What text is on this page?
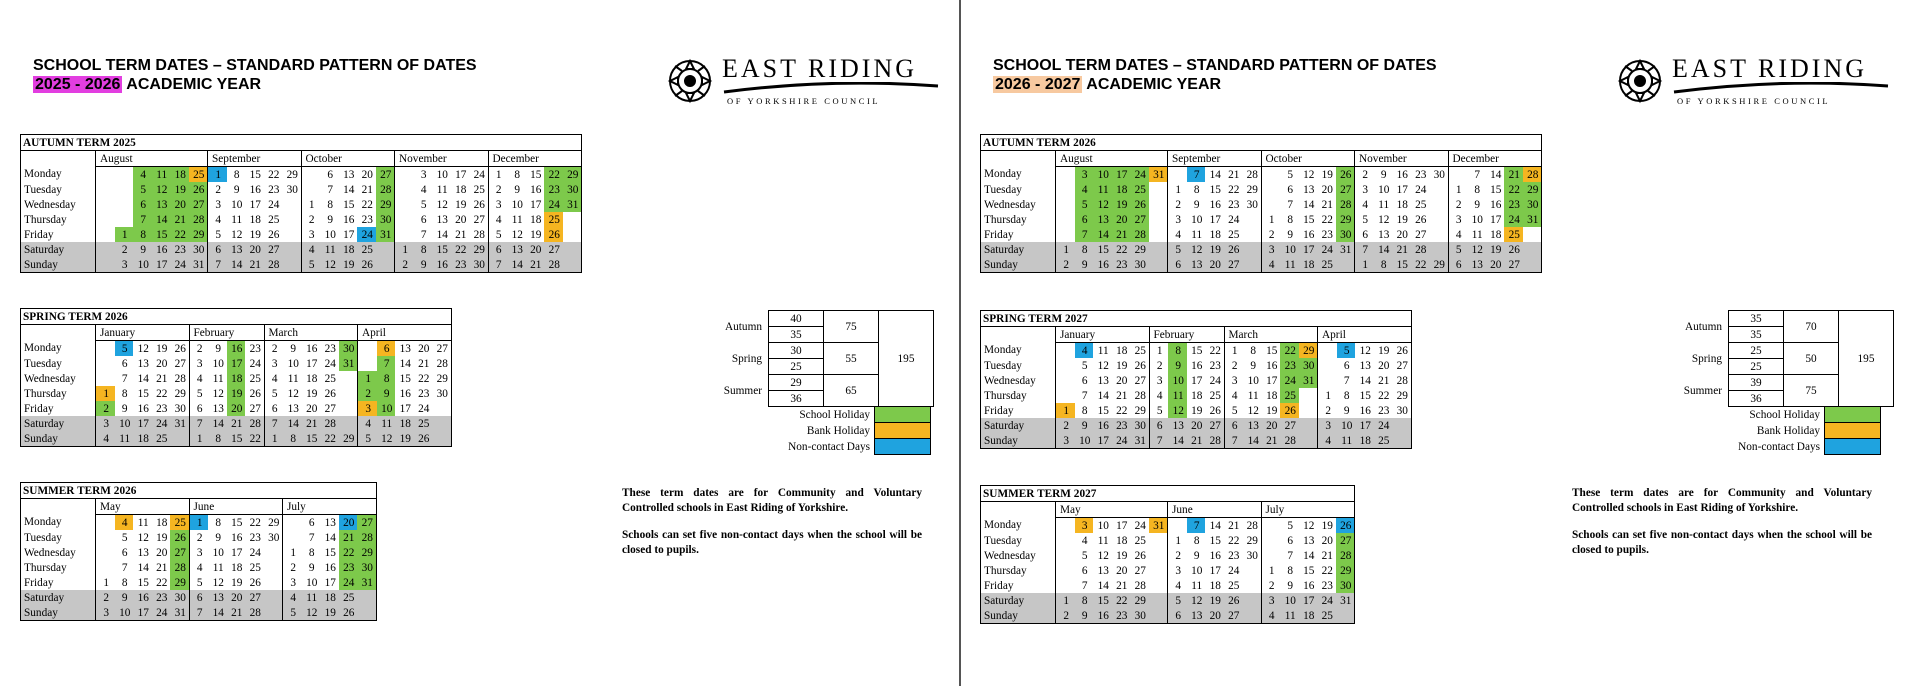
SCHOOL TERM DATES – STANDARD PATTERN OF DATES
2025 - 2026 ACADEMIC YEAR
EAST RIDING
OF YORKSHIRE COUNCIL
AUTUMN TERM 2025																										
	August						September					October					November					December				
Monday			4	11	18	25	1	8	15	22	29		6	13	20	27		3	10	17	24	1	8	15	22	29
Tuesday			5	12	19	26	2	9	16	23	30		7	14	21	28		4	11	18	25	2	9	16	23	30
Wednesday			6	13	20	27	3	10	17	24		1	8	15	22	29		5	12	19	26	3	10	17	24	31
Thursday			7	14	21	28	4	11	18	25		2	9	16	23	30		6	13	20	27	4	11	18	25	
Friday		1	8	15	22	29	5	12	19	26		3	10	17	24	31		7	14	21	28	5	12	19	26	
Saturday		2	9	16	23	30	6	13	20	27		4	11	18	25		1	8	15	22	29	6	13	20	27	
Sunday		3	10	17	24	31	7	14	21	28		5	12	19	26		2	9	16	23	30	7	14	21	28	
SPRING TERM 2026																			
	January					February				March					April				
Monday		5	12	19	26	2	9	16	23	2	9	16	23	30		6	13	20	27
Tuesday		6	13	20	27	3	10	17	24	3	10	17	24	31		7	14	21	28
Wednesday		7	14	21	28	4	11	18	25	4	11	18	25		1	8	15	22	29
Thursday	1	8	15	22	29	5	12	19	26	5	12	19	26		2	9	16	23	30
Friday	2	9	16	23	30	6	13	20	27	6	13	20	27		3	10	17	24	
Saturday	3	10	17	24	31	7	14	21	28	7	14	21	28		4	11	18	25	
Sunday	4	11	18	25		1	8	15	22	1	8	15	22	29	5	12	19	26	
SUMMER TERM 2026															
	May					June					July				
Monday		4	11	18	25	1	8	15	22	29		6	13	20	27
Tuesday		5	12	19	26	2	9	16	23	30		7	14	21	28
Wednesday		6	13	20	27	3	10	17	24		1	8	15	22	29
Thursday		7	14	21	28	4	11	18	25		2	9	16	23	30
Friday	1	8	15	22	29	5	12	19	26		3	10	17	24	31
Saturday	2	9	16	23	30	6	13	20	27		4	11	18	25	
Sunday	3	10	17	24	31	7	14	21	28		5	12	19	26	
Autumn	40	75	195
	35		
Spring	30	55	
	25		
Summer	29	65	
	36		
School Holiday	
Bank Holiday	
Non-contact Days	

These term dates are for Community and Voluntary Controlled schools in East Riding of Yorkshire.

Schools can set five non-contact days when the school will be closed to pupils.

SCHOOL TERM DATES – STANDARD PATTERN OF DATES
2026 - 2027 ACADEMIC YEAR
EAST RIDING
OF YORKSHIRE COUNCIL
AUTUMN TERM 2026																										
	August						September					October					November					December				
Monday		3	10	17	24	31		7	14	21	28		5	12	19	26	2	9	16	23	30		7	14	21	28
Tuesday		4	11	18	25		1	8	15	22	29		6	13	20	27	3	10	17	24		1	8	15	22	29
Wednesday		5	12	19	26		2	9	16	23	30		7	14	21	28	4	11	18	25		2	9	16	23	30
Thursday		6	13	20	27		3	10	17	24		1	8	15	22	29	5	12	19	26		3	10	17	24	31
Friday		7	14	21	28		4	11	18	25		2	9	16	23	30	6	13	20	27		4	11	18	25	
Saturday	1	8	15	22	29		5	12	19	26		3	10	17	24	31	7	14	21	28		5	12	19	26	
Sunday	2	9	16	23	30		6	13	20	27		4	11	18	25		1	8	15	22	29	6	13	20	27	
SPRING TERM 2027																			
	January					February				March					April				
Monday		4	11	18	25	1	8	15	22	1	8	15	22	29		5	12	19	26
Tuesday		5	12	19	26	2	9	16	23	2	9	16	23	30		6	13	20	27
Wednesday		6	13	20	27	3	10	17	24	3	10	17	24	31		7	14	21	28
Thursday		7	14	21	28	4	11	18	25	4	11	18	25		1	8	15	22	29
Friday	1	8	15	22	29	5	12	19	26	5	12	19	26		2	9	16	23	30
Saturday	2	9	16	23	30	6	13	20	27	6	13	20	27		3	10	17	24	
Sunday	3	10	17	24	31	7	14	21	28	7	14	21	28		4	11	18	25	
SUMMER TERM 2027																
	May						June					July				
Monday		3	10	17	24	31		7	14	21	28		5	12	19	26
Tuesday		4	11	18	25		1	8	15	22	29		6	13	20	27
Wednesday		5	12	19	26		2	9	16	23	30		7	14	21	28
Thursday		6	13	20	27		3	10	17	24		1	8	15	22	29
Friday		7	14	21	28		4	11	18	25		2	9	16	23	30
Saturday	1	8	15	22	29		5	12	19	26		3	10	17	24	31
Sunday	2	9	16	23	30		6	13	20	27		4	11	18	25	
Autumn	35	70	195
	35		
Spring	25	50	
	25		
Summer	39	75	
	36		
School Holiday	
Bank Holiday	
Non-contact Days	

These term dates are for Community and Voluntary Controlled schools in East Riding of Yorkshire.

Schools can set five non-contact days when the school will be closed to pupils.
